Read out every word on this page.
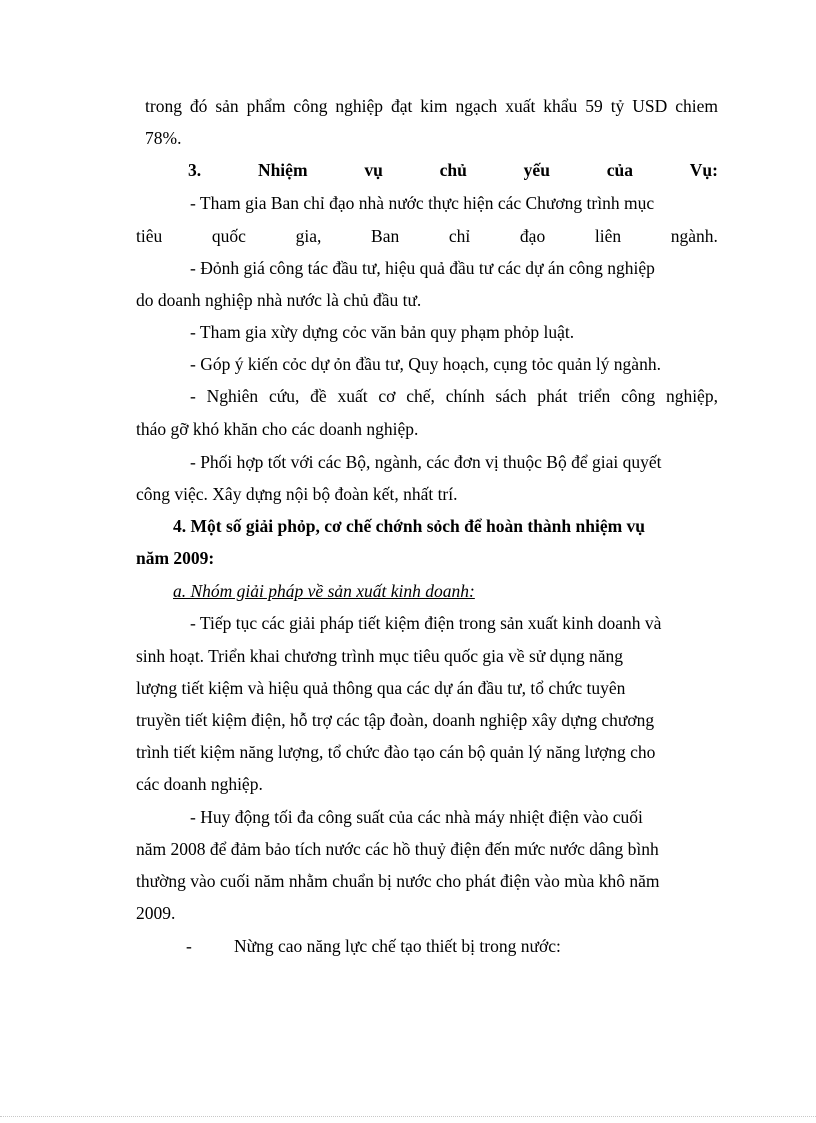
trong đó sản phẩm công nghiệp đạt kim ngạch xuất khẩu 59 tỷ USD chiem
78%.
3.	Nhiệm	vụ	chủ	yếu	của	Vụ:
- Tham gia Ban chỉ đạo nhà nước thực hiện các Chương trình mục
tiêu	quốc	gia,	Ban	chỉ	đạo	liên	ngành.
- Đỏnh giá công tác đầu tư, hiệu quả đầu tư các dự án công nghiệp
do doanh nghiệp nhà nước là chủ đầu tư.
- Tham gia xừy dựng cỏc văn bản quy phạm phỏp luật.
- Góp ý kiến cỏc dự ỏn đầu tư, Quy hoạch, cụng tỏc quản lý ngành.
- Nghiên cứu, đề xuất cơ chế, chính sách phát triển công nghiệp,
tháo gỡ khó khăn cho các doanh nghiệp.
- Phối hợp tốt với các Bộ, ngành, các đơn vị thuộc Bộ để giai quyết
công việc. Xây dựng nội bộ đoàn kết, nhất trí.
4. Một số giải phỏp, cơ chế chớnh sỏch để hoàn thành nhiệm vụ
năm 2009:
a. Nhóm giải pháp về sản xuất kinh doanh:
- Tiếp tục các giải pháp tiết kiệm điện trong sản xuất kinh doanh và
sinh hoạt. Triển khai chương trình mục tiêu quốc gia về sử dụng năng
lượng tiết kiệm và hiệu quả thông qua các dự án đầu tư, tổ chức tuyên
truyền tiết kiệm điện, hỗ trợ các tập đoàn, doanh nghiệp xây dựng chương
trình tiết kiệm năng lượng, tổ chức đào tạo cán bộ quản lý năng lượng cho
các doanh nghiệp.
- Huy động tối đa công suất của các nhà máy nhiệt điện vào cuối
năm 2008 để đảm bảo tích nước các hồ thuỷ điện đến mức nước dâng bình
thường vào cuối năm nhằm chuẩn bị nước cho phát điện vào mùa khô năm
2009.
- Nừng cao năng lực chế tạo thiết bị trong nước:
